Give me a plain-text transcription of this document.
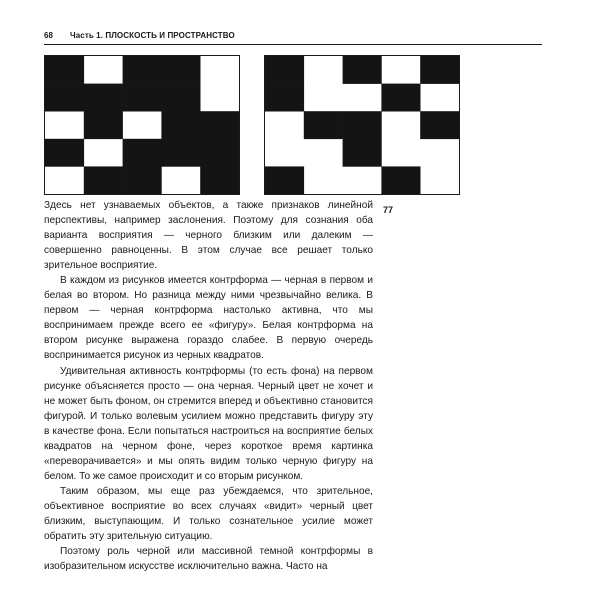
68 Часть 1. ПЛОСКОСТЬ И ПРОСТРАНСТВО
77

Здесь нет узнаваемых объектов, а также признаков линейной перспективы, например заслонения. Поэтому для сознания оба варианта восприятия — черного близким или далеким — совершенно равноценны. В этом случае все решает только зрительное восприятие.

В каждом из рисунков имеется контрформа — черная в первом и белая во втором. Но разница между ними чрезвычайно велика. В первом — черная контрформа настолько активна, что мы воспринимаем прежде всего ее «фигуру». Белая контрформа на втором рисунке выражена гораздо слабее. В первую очередь воспринимается рисунок из черных квадратов.

Удивительная активность контрформы (то есть фона) на первом рисунке объясняется просто — она черная. Черный цвет не хочет и не может быть фоном, он стремится вперед и объективно становится фигурой. И только волевым усилием можно представить фигуру эту в качестве фона. Если попытаться настроиться на восприятие белых квадратов на черном фоне, через короткое время картинка «переворачивается» и мы опять видим только черную фигуру на белом. То же самое происходит и со вторым рисунком.

Таким образом, мы еще раз убеждаемся, что зрительное, объективное восприятие во всех случаях «видит» черный цвет близким, выступающим. И только сознательное усилие может обратить эту зрительную ситуацию.

Поэтому роль черной или массивной темной контрформы в изобразительном искусстве исключительно важна. Часто на
